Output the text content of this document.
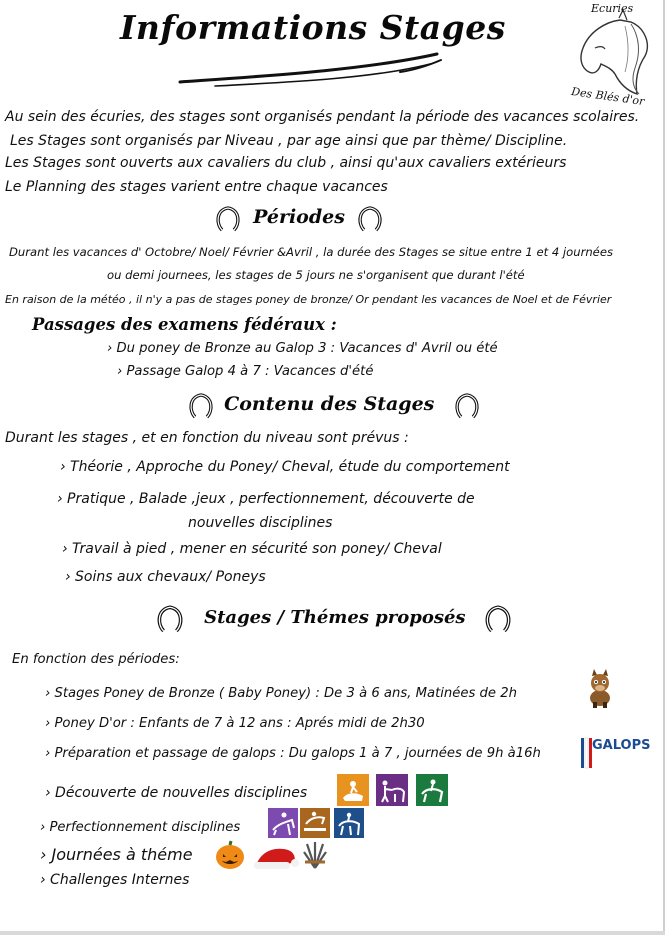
Informations Stages	Ecuries
Des Blés d'or
Au sein des écuries, des stages sont organisés pendant la période des vacances scolaires.
Les Stages sont organisés par Niveau , par age ainsi que par thème/ Discipline.
Les Stages sont ouverts aux cavaliers du club , ainsi qu'aux cavaliers extérieurs
Le Planning des stages varient entre chaque vacances
Périodes
Durant les vacances d' Octobre/ Noel/ Février &Avril , la durée des Stages se situe entre 1 et 4 journées
ou demi journees, les stages de 5 jours ne s'organisent que durant l'été
En raison de la météo , il n'y a pas de stages poney de bronze/ Or pendant les vacances de Noel et de Février
Passages des examens fédéraux :
› Du poney de Bronze au Galop 3 : Vacances d' Avril ou été
› Passage Galop 4 à 7 : Vacances d'été
Contenu des Stages
Durant les stages , et en fonction du niveau sont prévus :
› Théorie , Approche du Poney/ Cheval, étude du comportement
› Pratique , Balade ,jeux , perfectionnement, découverte de
nouvelles disciplines
› Travail à pied , mener en sécurité son poney/ Cheval
› Soins aux chevaux/ Poneys
Stages / Thémes proposés
En fonction des périodes:
› Stages Poney de Bronze ( Baby Poney) : De 3 à 6 ans, Matinées de 2h
› Poney D'or : Enfants de 7 à 12 ans : Aprés midi de 2h30
› Préparation et passage de galops : Du galops 1 à 7 , journées de 9h à16h
GALOPS
› Découverte de nouvelles disciplines
› Perfectionnement disciplines
› Journées à théme
› Challenges Internes
